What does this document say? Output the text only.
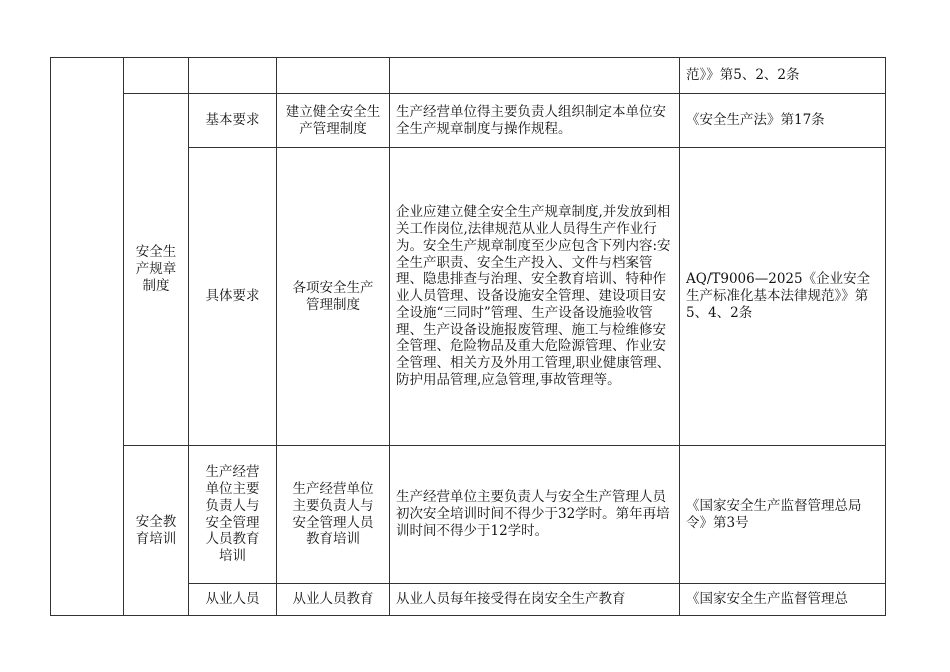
					范》》第5、2、2条

	安全生产规章制度	基本要求	建立健全安全生产管理制度	生产经营单位得主要负责人组织制定本单位安全生产规章制度与操作规程。	《安全生产法》第17条
		具体要求	各项安全生产管理制度	企业应建立健全安全生产规章制度,并发放到相关工作岗位,法律规范从业人员得生产作业行为。安全生产规章制度至少应包含下列内容:安全生产职责、安全生产投入、文件与档案管理、隐患排查与治理、安全教育培训、特种作业人员管理、设备设施安全管理、建设项目安全设施“三同时”管理、生产设备设施验收管理、生产设备设施报废管理、施工与检维修安全管理、危险物品及重大危险源管理、作业安全管理、相关方及外用工管理,职业健康管理、防护用品管理,应急管理,事故管理等。	AQ/T9006—2025《企业安全生产标准化基本法律规范》》第5、4、2条

	安全教育培训	生产经营单位主要负责人与安全管理人员教育培训	生产经营单位主要负责人与安全管理人员教育培训	生产经营单位主要负责人与安全生产管理人员初次安全培训时间不得少于32学时。第年再培训时间不得少于12学时。	《国家安全生产监督管理总局令》第3号

		从业人员	从业人员教育	从业人员每年接受得在岗安全生产教育	《国家安全生产监督管理总
